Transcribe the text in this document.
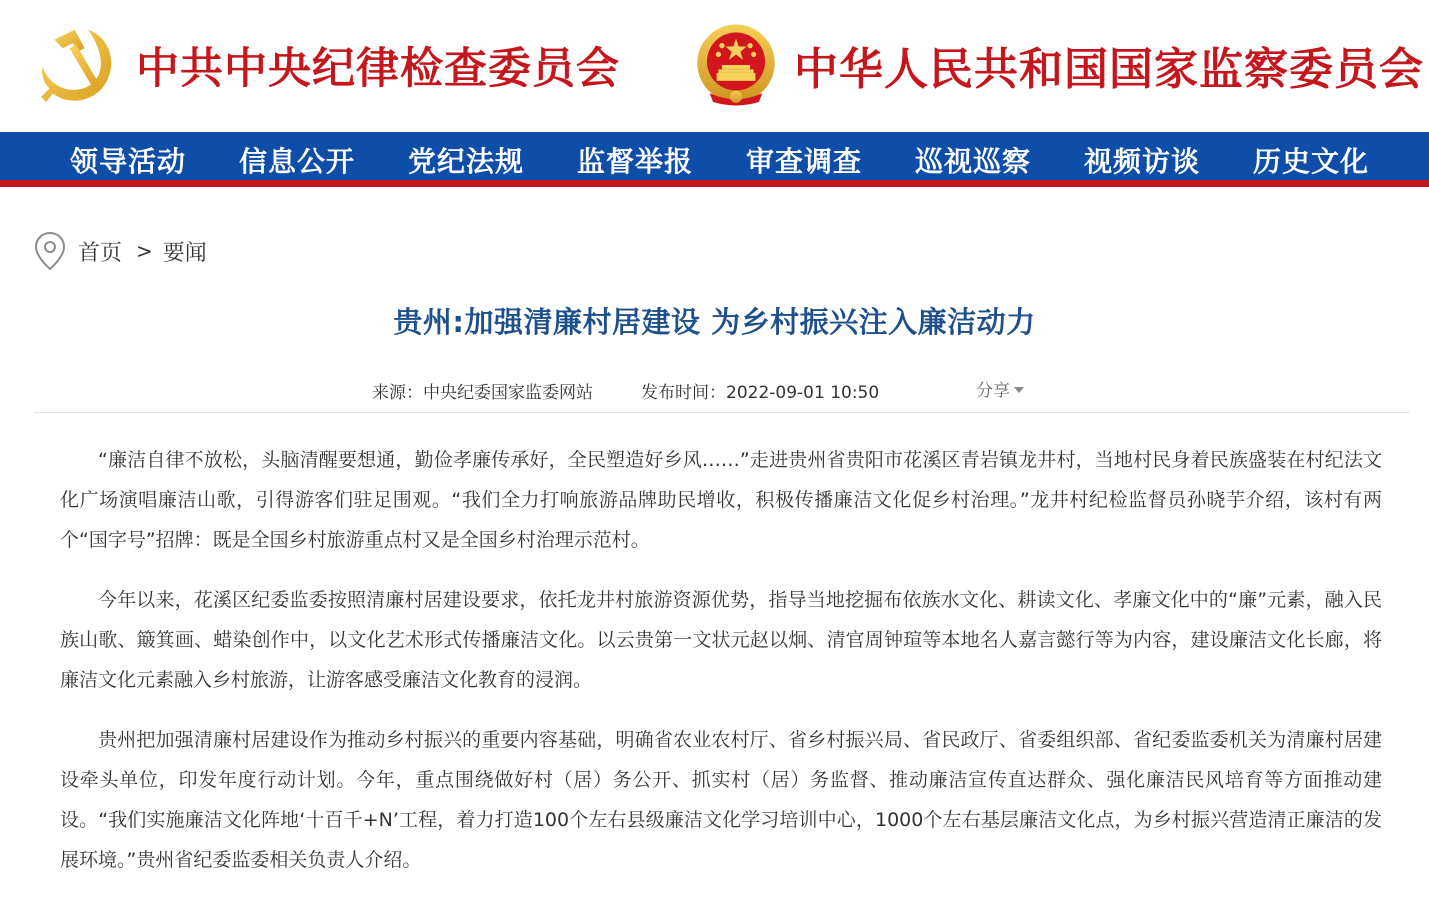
中共中央纪律检查委员会	中华人民共和国国家监察委员会
领导活动	信息公开	党纪法规	监督举报	审查调查	巡视巡察	视频访谈	历史文化
首页 > 要闻
贵州:加强清廉村居建设 为乡村振兴注入廉洁动力
来源：中央纪委国家监委网站	发布时间：2022-09-01 10:50	分享

“廉洁自律不放松，头脑清醒要想通，勤俭孝廉传承好，全民塑造好乡风……”走进贵州省贵阳市花溪区青岩镇龙井村，当地村民身着民族盛装在村纪法文化广场演唱廉洁山歌，引得游客们驻足围观。“我们全力打响旅游品牌助民增收，积极传播廉洁文化促乡村治理。”龙井村纪检监督员孙晓芋介绍，该村有两个“国字号”招牌：既是全国乡村旅游重点村又是全国乡村治理示范村。

今年以来，花溪区纪委监委按照清廉村居建设要求，依托龙井村旅游资源优势，指导当地挖掘布依族水文化、耕读文化、孝廉文化中的“廉”元素，融入民族山歌、簸箕画、蜡染创作中，以文化艺术形式传播廉洁文化。以云贵第一文状元赵以炯、清官周钟瑄等本地名人嘉言懿行等为内容，建设廉洁文化长廊，将廉洁文化元素融入乡村旅游，让游客感受廉洁文化教育的浸润。

贵州把加强清廉村居建设作为推动乡村振兴的重要内容基础，明确省农业农村厅、省乡村振兴局、省民政厅、省委组织部、省纪委监委机关为清廉村居建设牵头单位，印发年度行动计划。今年，重点围绕做好村（居）务公开、抓实村（居）务监督、推动廉洁宣传直达群众、强化廉洁民风培育等方面推动建设。“我们实施廉洁文化阵地‘十百千+N’工程，着力打造100个左右县级廉洁文化学习培训中心，1000个左右基层廉洁文化点，为乡村振兴营造清正廉洁的发展环境。”贵州省纪委监委相关负责人介绍。
